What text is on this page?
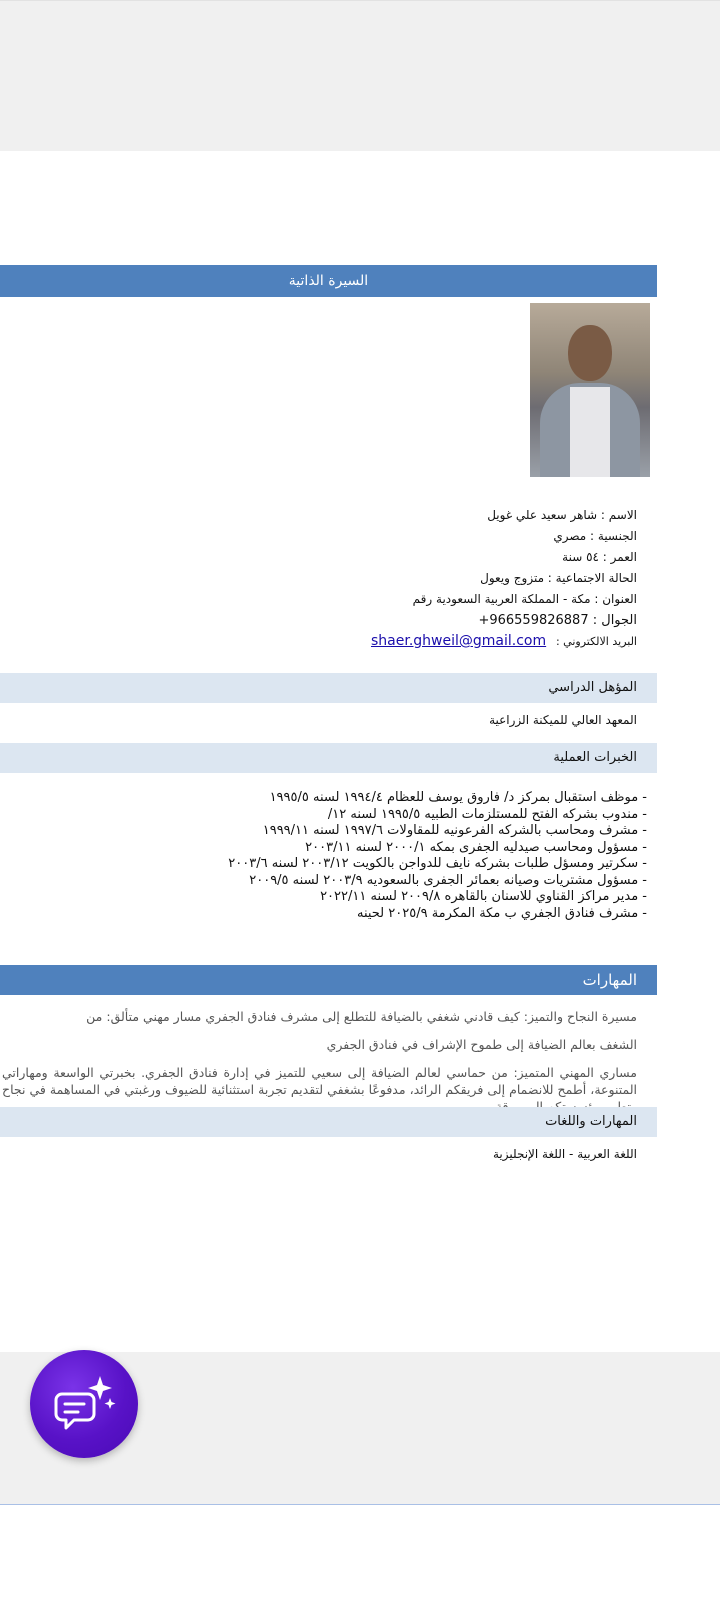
السيرة الذاتية
الاسم : شاهر سعيد علي غويل
الجنسية : مصري
العمر : ٥٤ سنة
الحالة الاجتماعية : متزوج ويعول
العنوان : مكة - المملكة العربية السعودية رقم
الجوال : 966559826887+
البريد الالكتروني : shaer.ghweil@gmail.com
المؤهل الدراسي
المعهد العالي للميكنة الزراعية
الخبرات العملية
- موظف استقبال بمركز د/ فاروق يوسف للعظام ١٩٩٤/٤ لسنه ١٩٩٥/٥
- مندوب بشركه الفتح للمستلزمات الطبيه ١٩٩٥/٥ لسنه ١٢/
- مشرف ومحاسب بالشركه الفرعونيه للمقاولات ١٩٩٧/٦ لسنه ١٩٩٩/١١
- مسؤول ومحاسب صيدليه الجفرى بمكه ٢٠٠٠/١ لسنه ٢٠٠٣/١١
- سكرتير ومسؤل طلبات بشركه نايف للدواجن بالكويت ٢٠٠٣/١٢ لسنه ٢٠٠٣/٦
- مسؤول مشتريات وصيانه بعمائر الجفرى بالسعوديه ٢٠٠٣/٩ لسنه ٢٠٠٩/٥
- مدير مراكز القناوي للاسنان بالقاهره ٢٠٠٩/٨ لسنه ٢٠٢٢/١١
- مشرف فنادق الجفري ب مكة المكرمة ٢٠٢٥/٩ لحينه
المهارات
مسيرة النجاح والتميز: كيف قادني شغفي بالضيافة للتطلع إلى مشرف فنادق الجفري مسار مهني متألق: من
الشغف بعالم الضيافة إلى طموح الإشراف في فنادق الجفري
مساري المهني المتميز: من حماسي لعالم الضيافة إلى سعيي للتميز في إدارة فنادق الجفري. بخبرتي الواسعة ومهاراتي المتنوعة، أطمح للانضمام إلى فريقكم الرائد، مدفوعًا بشغفي لتقديم تجربة استثنائية للضيوف ورغبتي في المساهمة في نجاح
المهارات واللغات
اللغة العربية - اللغة الإنجليزية
